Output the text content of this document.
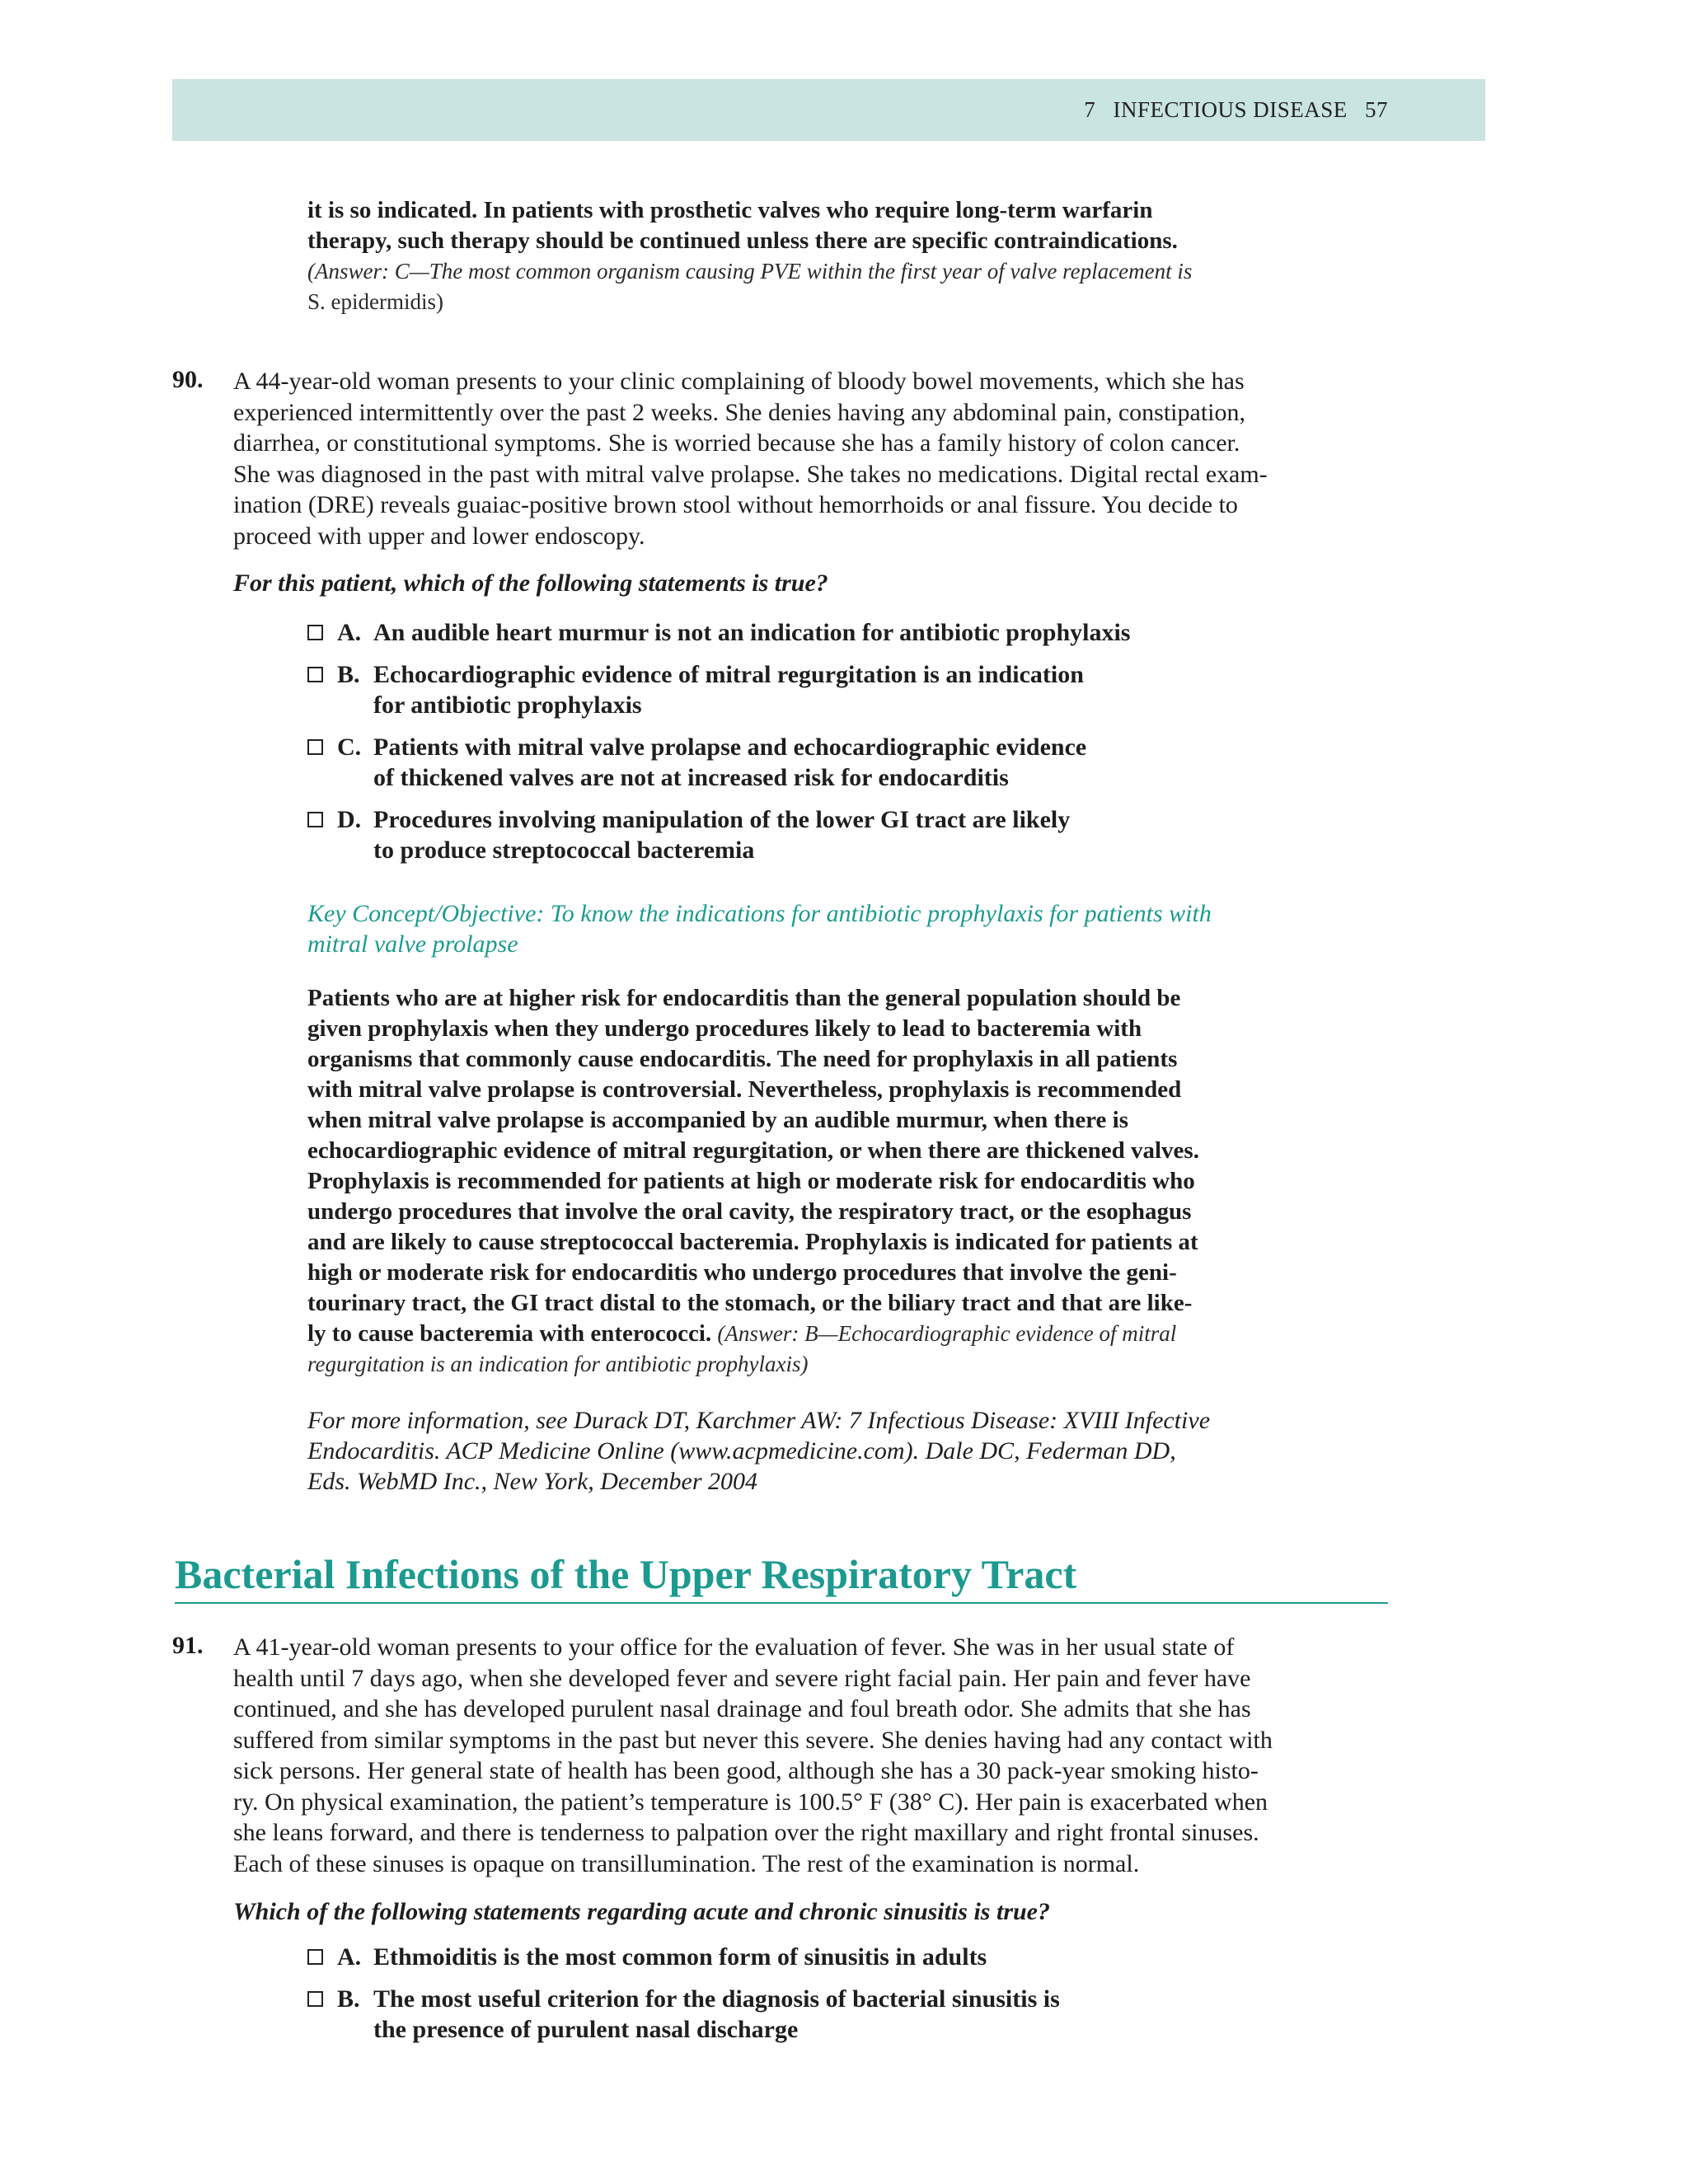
7 INFECTIOUS DISEASE 57
it is so indicated. In patients with prosthetic valves who require long-term warfarin
therapy, such therapy should be continued unless there are specific contraindications.
(Answer: C—The most common organism causing PVE within the first year of valve replacement is
S. epidermidis)
90. A 44-year-old woman presents to your clinic complaining of bloody bowel movements, which she has
experienced intermittently over the past 2 weeks. She denies having any abdominal pain, constipation,
diarrhea, or constitutional symptoms. She is worried because she has a family history of colon cancer.
She was diagnosed in the past with mitral valve prolapse. She takes no medications. Digital rectal exam-
ination (DRE) reveals guaiac-positive brown stool without hemorrhoids or anal fissure. You decide to
proceed with upper and lower endoscopy.
For this patient, which of the following statements is true?
A. An audible heart murmur is not an indication for antibiotic prophylaxis
B. Echocardiographic evidence of mitral regurgitation is an indication
for antibiotic prophylaxis
C. Patients with mitral valve prolapse and echocardiographic evidence
of thickened valves are not at increased risk for endocarditis
D. Procedures involving manipulation of the lower GI tract are likely
to produce streptococcal bacteremia
Key Concept/Objective: To know the indications for antibiotic prophylaxis for patients with
mitral valve prolapse
Patients who are at higher risk for endocarditis than the general population should be
given prophylaxis when they undergo procedures likely to lead to bacteremia with
organisms that commonly cause endocarditis. The need for prophylaxis in all patients
with mitral valve prolapse is controversial. Nevertheless, prophylaxis is recommended
when mitral valve prolapse is accompanied by an audible murmur, when there is
echocardiographic evidence of mitral regurgitation, or when there are thickened valves.
Prophylaxis is recommended for patients at high or moderate risk for endocarditis who
undergo procedures that involve the oral cavity, the respiratory tract, or the esophagus
and are likely to cause streptococcal bacteremia. Prophylaxis is indicated for patients at
high or moderate risk for endocarditis who undergo procedures that involve the geni-
tourinary tract, the GI tract distal to the stomach, or the biliary tract and that are like-
ly to cause bacteremia with enterococci. (Answer: B—Echocardiographic evidence of mitral
regurgitation is an indication for antibiotic prophylaxis)
For more information, see Durack DT, Karchmer AW: 7 Infectious Disease: XVIII Infective
Endocarditis. ACP Medicine Online (www.acpmedicine.com). Dale DC, Federman DD,
Eds. WebMD Inc., New York, December 2004
Bacterial Infections of the Upper Respiratory Tract
91. A 41-year-old woman presents to your office for the evaluation of fever. She was in her usual state of
health until 7 days ago, when she developed fever and severe right facial pain. Her pain and fever have
continued, and she has developed purulent nasal drainage and foul breath odor. She admits that she has
suffered from similar symptoms in the past but never this severe. She denies having had any contact with
sick persons. Her general state of health has been good, although she has a 30 pack-year smoking histo-
ry. On physical examination, the patient’s temperature is 100.5° F (38° C). Her pain is exacerbated when
she leans forward, and there is tenderness to palpation over the right maxillary and right frontal sinuses.
Each of these sinuses is opaque on transillumination. The rest of the examination is normal.
Which of the following statements regarding acute and chronic sinusitis is true?
A. Ethmoiditis is the most common form of sinusitis in adults
B. The most useful criterion for the diagnosis of bacterial sinusitis is
the presence of purulent nasal discharge
